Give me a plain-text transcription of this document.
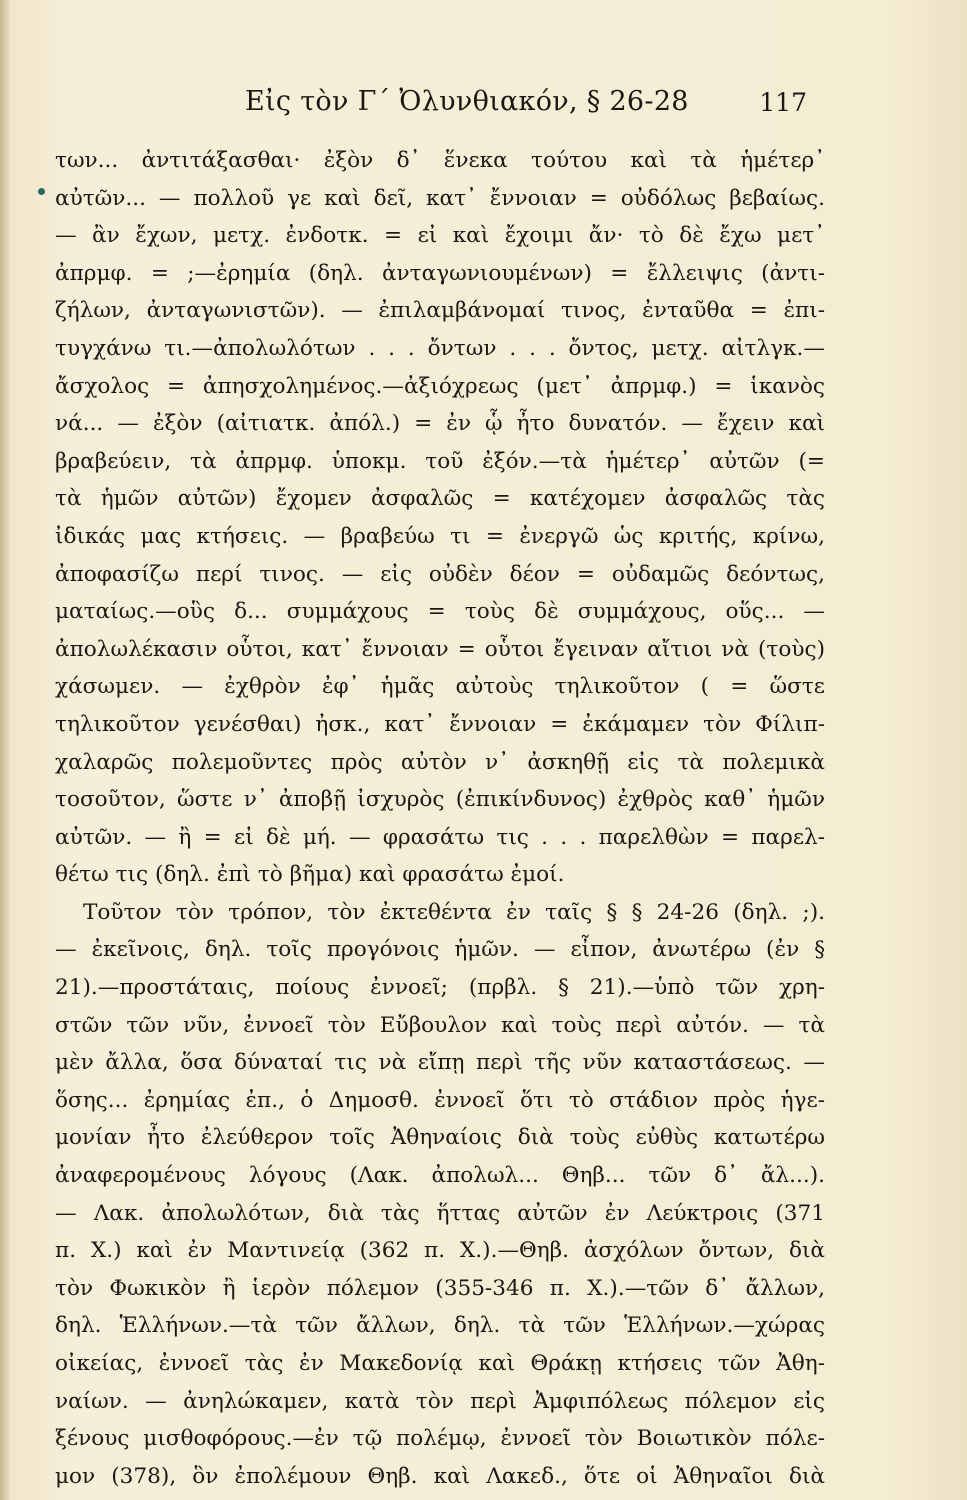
Εἰς τὸν Γ΄ Ὀλυνθιακόν, § 26-28	117
των... ἀντιτάξασθαι· ἐξὸν δ᾽ ἕνεκα τούτου καὶ τὰ ἡμέτερ᾽
αὐτῶν... — πολλοῦ γε καὶ δεῖ, κατ᾽ ἔννοιαν = οὐδόλως βεβαίως.
— ἂν ἔχων, μετχ. ἐνδοτκ. = εἰ καὶ ἔχοιμι ἄν· τὸ δὲ ἔχω μετ᾽
ἀπρμφ. = ;—ἐρημία (δηλ. ἀνταγωνιουμένων) = ἔλλειψις (ἀντι-
ζήλων, ἀνταγωνιστῶν). — ἐπιλαμβάνομαί τινος, ἐνταῦθα = ἐπι-
τυγχάνω τι.—ἀπολωλότων . . . ὄντων . . . ὄντος, μετχ. αἰτλγκ.—
ἄσχολος = ἀπησχολημένος.—ἀξιόχρεως (μετ᾽ ἀπρμφ.) = ἱκανὸς
νά... — ἐξὸν (αἰτιατκ. ἀπόλ.) = ἐν ᾧ ἦτο δυνατόν. — ἔχειν καὶ
βραβεύειν, τὰ ἀπρμφ. ὑποκμ. τοῦ ἐξόν.—τὰ ἡμέτερ᾽ αὐτῶν (=
τὰ ἡμῶν αὐτῶν) ἔχομεν ἀσφαλῶς = κατέχομεν ἀσφαλῶς τὰς
ἰδικάς μας κτήσεις. — βραβεύω τι = ἐνεργῶ ὡς κριτής, κρίνω,
ἀποφασίζω περί τινος. — εἰς οὐδὲν δέον = οὐδαμῶς δεόντως,
ματαίως.—οὓς δ... συμμάχους = τοὺς δὲ συμμάχους, οὕς... —
ἀπολωλέκασιν οὗτοι, κατ᾽ ἔννοιαν = οὗτοι ἔγειναν αἴτιοι νὰ (τοὺς)
χάσωμεν. — ἐχθρὸν ἐφ᾽ ἡμᾶς αὐτοὺς τηλικοῦτον ( = ὥστε
τηλικοῦτον γενέσθαι) ἠσκ., κατ᾽ ἔννοιαν = ἐκάμαμεν τὸν Φίλιπ-
χαλαρῶς πολεμοῦντες πρὸς αὐτὸν ν᾽ ἀσκηθῇ εἰς τὰ πολεμικὰ
τοσοῦτον, ὥστε ν᾽ ἀποβῇ ἰσχυρὸς (ἐπικίνδυνος) ἐχθρὸς καθ᾽ ἡμῶν
αὐτῶν. — ἢ = εἰ δὲ μή. — φρασάτω τις . . . παρελθὼν = παρελ-
θέτω τις (δηλ. ἐπὶ τὸ βῆμα) καὶ φρασάτω ἐμοί.
Τοῦτον τὸν τρόπον, τὸν ἐκτεθέντα ἐν ταῖς § § 24-26 (δηλ. ;).
— ἐκεῖνοις, δηλ. τοῖς προγόνοις ἡμῶν. — εἶπον, ἀνωτέρω (ἐν §
21).—προστάταις, ποίους ἐννοεῖ; (πρβλ. § 21).—ὑπὸ τῶν χρη-
στῶν τῶν νῦν, ἐννοεῖ τὸν Εὔβουλον καὶ τοὺς περὶ αὐτόν. — τὰ
μὲν ἄλλα, ὅσα δύναταί τις νὰ εἴπῃ περὶ τῆς νῦν καταστάσεως. —
ὅσης... ἐρημίας ἐπ., ὁ Δημοσθ. ἐννοεῖ ὅτι τὸ στάδιον πρὸς ἡγε-
μονίαν ἦτο ἐλεύθερον τοῖς Ἀθηναίοις διὰ τοὺς εὐθὺς κατωτέρω
ἀναφερομένους λόγους (Λακ. ἀπολωλ... Θηβ... τῶν δ᾽ ἄλ...).
— Λακ. ἀπολωλότων, διὰ τὰς ἥττας αὐτῶν ἐν Λεύκτροις (371
π. Χ.) καὶ ἐν Μαντινείᾳ (362 π. Χ.).—Θηβ. ἀσχόλων ὄντων, διὰ
τὸν Φωκικὸν ἢ ἱερὸν πόλεμον (355-346 π. Χ.).—τῶν δ᾽ ἄλλων,
δηλ. Ἑλλήνων.—τὰ τῶν ἄλλων, δηλ. τὰ τῶν Ἑλλήνων.—χώρας
οἰκείας, ἐννοεῖ τὰς ἐν Μακεδονίᾳ καὶ Θράκῃ κτήσεις τῶν Ἀθη-
ναίων. — ἀνηλώκαμεν, κατὰ τὸν περὶ Ἀμφιπόλεως πόλεμον εἰς
ξένους μισθοφόρους.—ἐν τῷ πολέμῳ, ἐννοεῖ τὸν Βοιωτικὸν πόλε-
μον (378), ὃν ἐπολέμουν Θηβ. καὶ Λακεδ., ὅτε οἱ Ἀθηναῖοι διὰ
